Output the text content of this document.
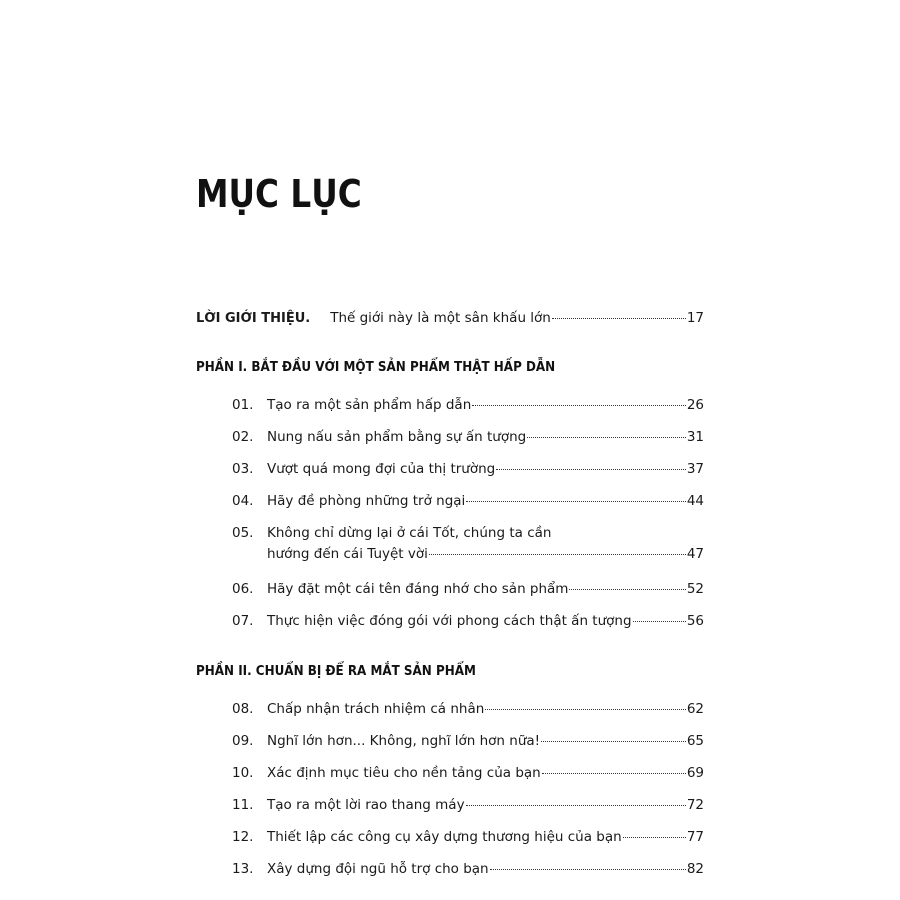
MỤC LỤC
LỜI GIỚI THIỆU. Thế giới này là một sân khấu lớn	17
PHẦN I. BẮT ĐẦU VỚI MỘT SẢN PHẨM THẬT HẤP DẪN
01.	Tạo ra một sản phẩm hấp dẫn	26
02.	Nung nấu sản phẩm bằng sự ấn tượng	31
03.	Vượt quá mong đợi của thị trường	37
04.	Hãy đề phòng những trở ngại	44
05.	Không chỉ dừng lại ở cái Tốt, chúng ta cần
hướng đến cái Tuyệt vời	47
06.	Hãy đặt một cái tên đáng nhớ cho sản phẩm	52
07.	Thực hiện việc đóng gói với phong cách thật ấn tượng	56
PHẦN II. CHUẨN BỊ ĐỂ RA MẮT SẢN PHẨM
08.	Chấp nhận trách nhiệm cá nhân	62
09.	Nghĩ lớn hơn... Không, nghĩ lớn hơn nữa!	65
10.	Xác định mục tiêu cho nền tảng của bạn	69
11.	Tạo ra một lời rao thang máy	72
12.	Thiết lập các công cụ xây dựng thương hiệu của bạn	77
13.	Xây dựng đội ngũ hỗ trợ cho bạn	82
